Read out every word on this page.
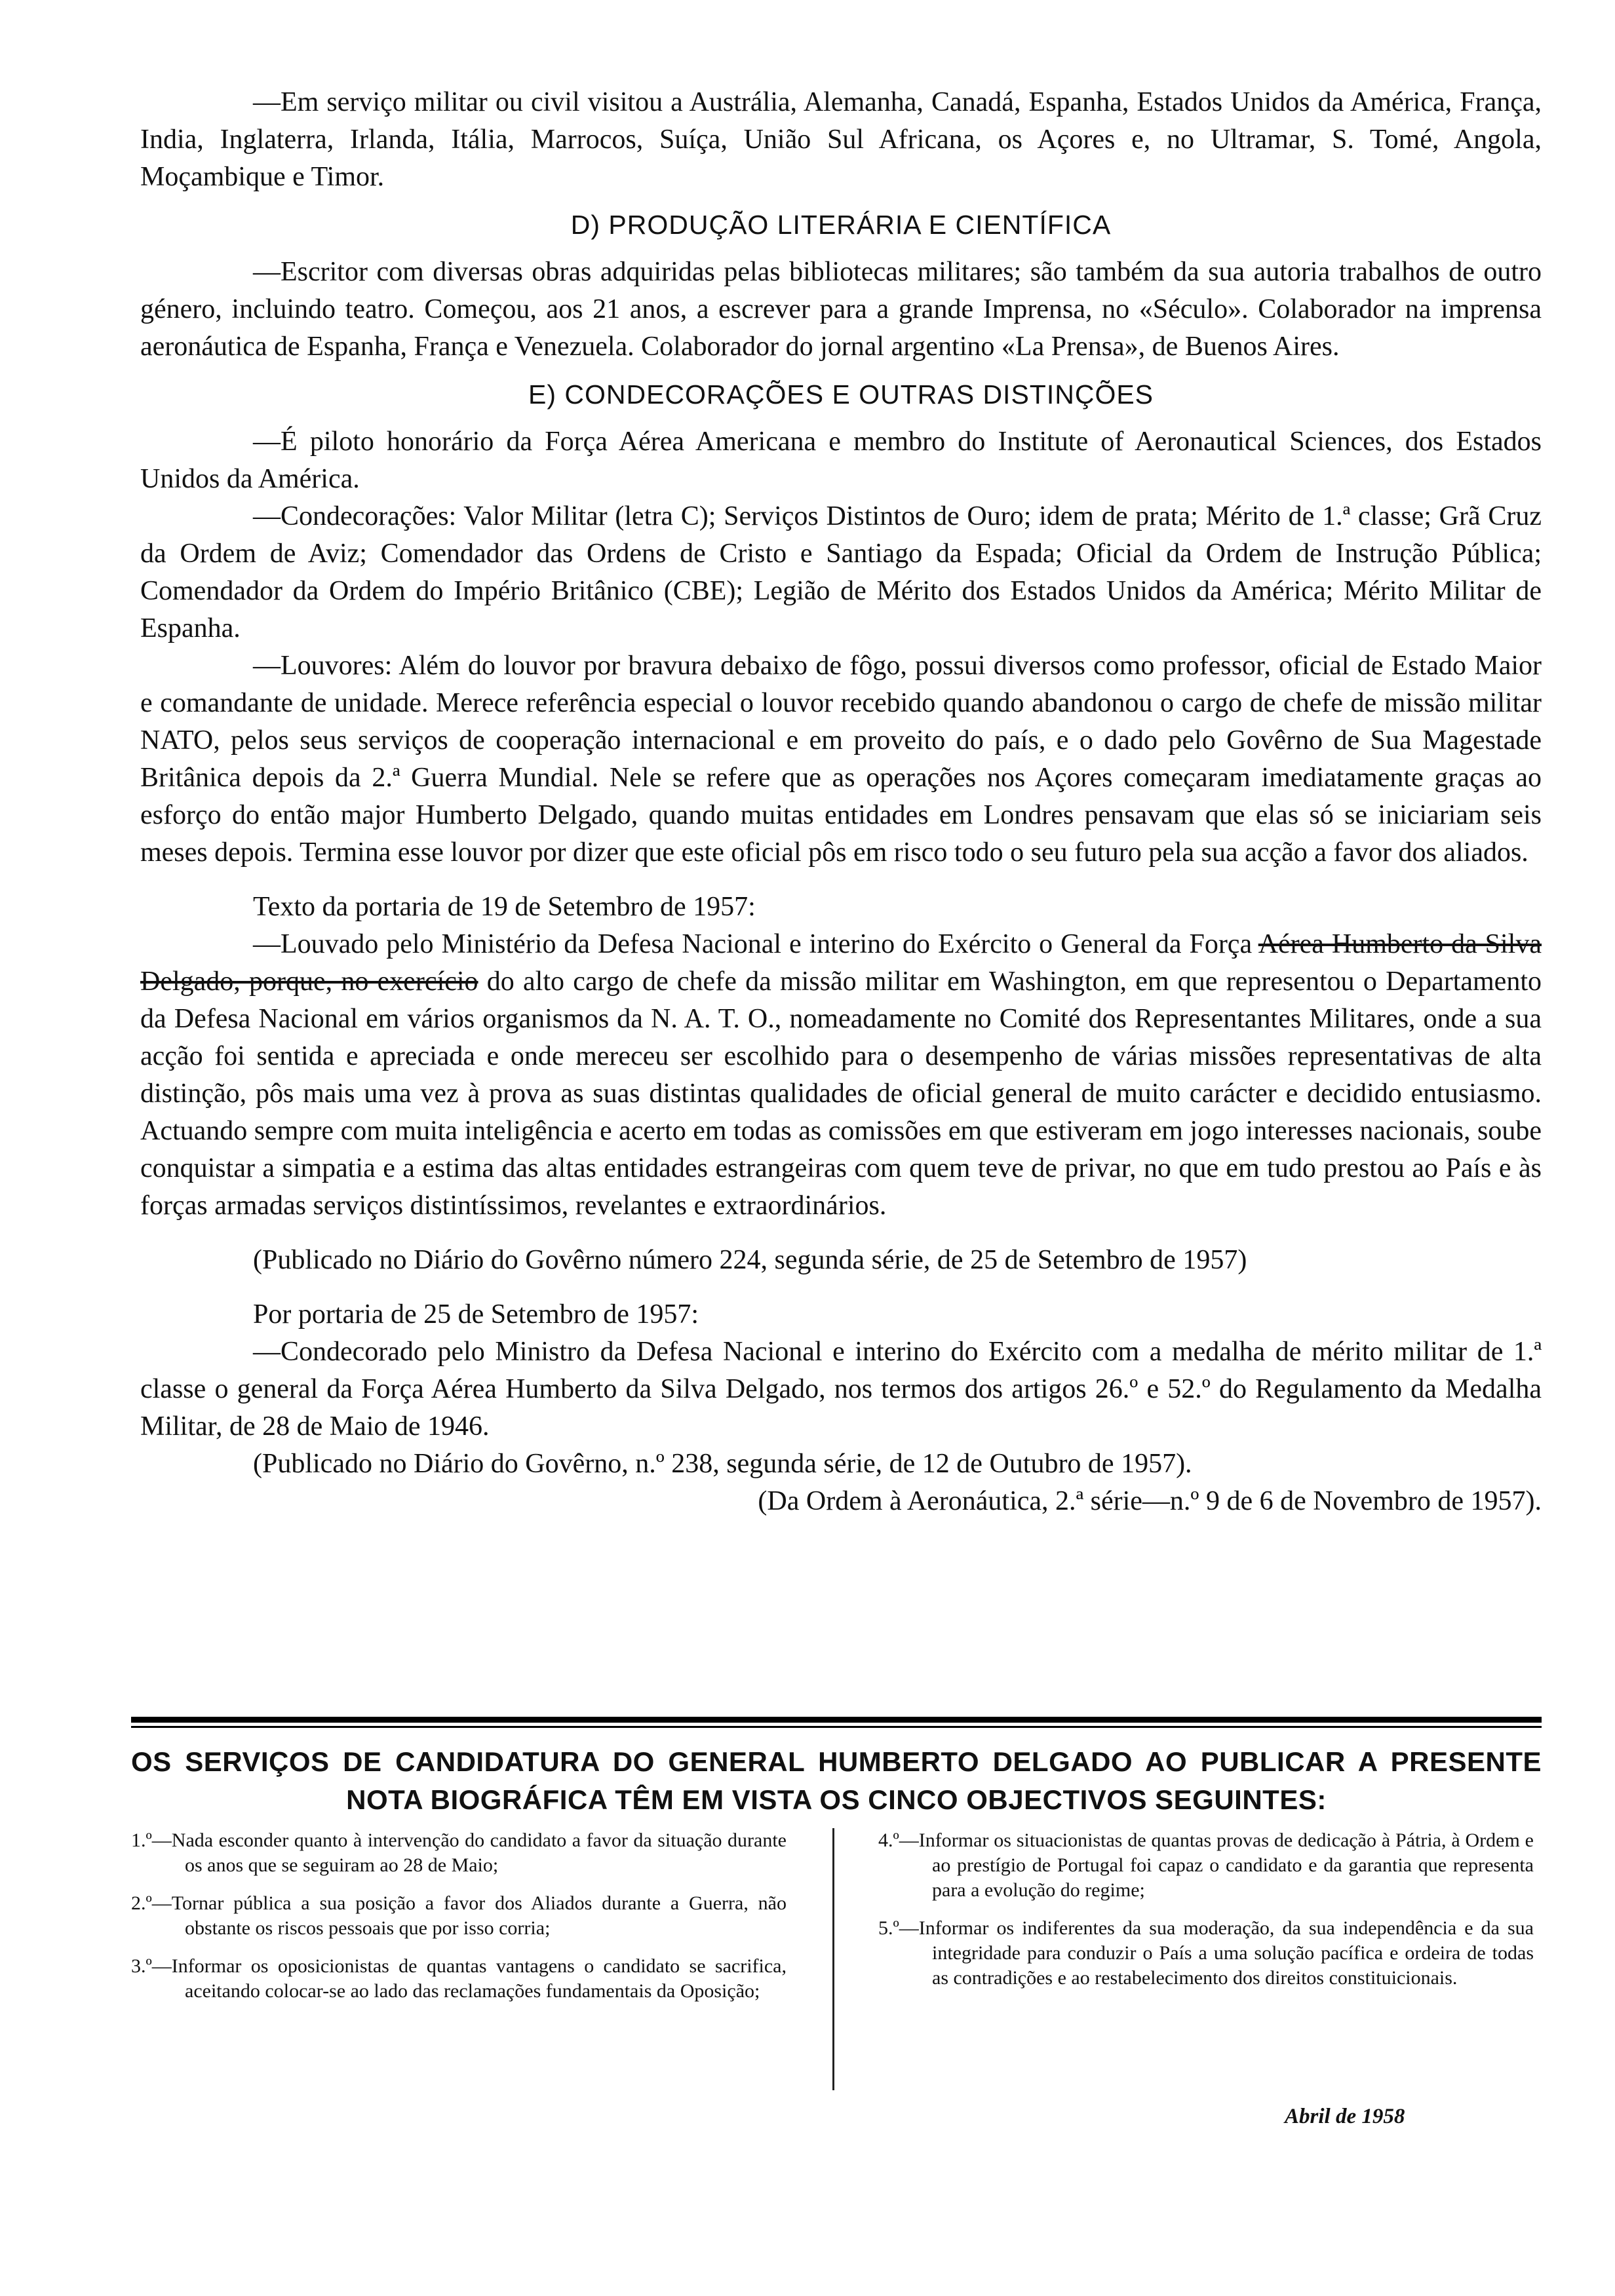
—Em serviço militar ou civil visitou a Austrália, Alemanha, Canadá, Espanha, Estados Unidos da América, França, India, Inglaterra, Irlanda, Itália, Marrocos, Suíça, União Sul Africana, os Açores e, no Ultramar, S. Tomé, Angola, Moçambique e Timor.

D) PRODUÇÃO LITERÁRIA E CIENTÍFICA

—Escritor com diversas obras adquiridas pelas bibliotecas militares; são também da sua autoria trabalhos de outro género, incluindo teatro. Começou, aos 21 anos, a escrever para a grande Imprensa, no «Século». Colaborador na imprensa aeronáutica de Espanha, França e Venezuela. Colaborador do jornal argentino «La Prensa», de Buenos Aires.

E) CONDECORAÇÕES E OUTRAS DISTINÇÕES

—É piloto honorário da Força Aérea Americana e membro do Institute of Aeronautical Sciences, dos Estados Unidos da América.

—Condecorações: Valor Militar (letra C); Serviços Distintos de Ouro; idem de prata; Mérito de 1.ª classe; Grã Cruz da Ordem de Aviz; Comendador das Ordens de Cristo e Santiago da Espada; Oficial da Ordem de Instrução Pública; Comendador da Ordem do Império Britânico (CBE); Legião de Mérito dos Estados Unidos da América; Mérito Militar de Espanha.

—Louvores: Além do louvor por bravura debaixo de fôgo, possui diversos como professor, oficial de Estado Maior e comandante de unidade. Merece referência especial o louvor recebido quando abandonou o cargo de chefe de missão militar NATO, pelos seus serviços de cooperação internacional e em proveito do país, e o dado pelo Govêrno de Sua Magestade Britânica depois da 2.ª Guerra Mundial. Nele se refere que as operações nos Açores começaram imediatamente graças ao esforço do então major Humberto Delgado, quando muitas entidades em Londres pensavam que elas só se iniciariam seis meses depois. Termina esse louvor por dizer que este oficial pôs em risco todo o seu futuro pela sua acção a favor dos aliados.

Texto da portaria de 19 de Setembro de 1957:

—Louvado pelo Ministério da Defesa Nacional e interino do Exército o General da Força Aérea Humberto da Silva Delgado, porque, no exercício do alto cargo de chefe da missão militar em Washington, em que representou o Departamento da Defesa Nacional em vários organismos da N. A. T. O., nomeadamente no Comité dos Representantes Militares, onde a sua acção foi sentida e apreciada e onde mereceu ser escolhido para o desempenho de várias missões representativas de alta distinção, pôs mais uma vez à prova as suas distintas qualidades de oficial general de muito carácter e decidido entusiasmo. Actuando sempre com muita inteligência e acerto em todas as comissões em que estiveram em jogo interesses nacionais, soube conquistar a simpatia e a estima das altas entidades estrangeiras com quem teve de privar, no que em tudo prestou ao País e às forças armadas serviços distintíssimos, revelantes e extraordinários.

(Publicado no Diário do Govêrno número 224, segunda série, de 25 de Setembro de 1957)

Por portaria de 25 de Setembro de 1957:

—Condecorado pelo Ministro da Defesa Nacional e interino do Exército com a medalha de mérito militar de 1.ª classe o general da Força Aérea Humberto da Silva Delgado, nos termos dos artigos 26.º e 52.º do Regulamento da Medalha Militar, de 28 de Maio de 1946.

(Publicado no Diário do Govêrno, n.º 238, segunda série, de 12 de Outubro de 1957).

(Da Ordem à Aeronáutica, 2.ª série—n.º 9 de 6 de Novembro de 1957).

OS SERVIÇOS DE CANDIDATURA DO GENERAL HUMBERTO DELGADO AO PUBLICAR A PRESENTE NOTA BIOGRÁFICA TÊM EM VISTA OS CINCO OBJECTIVOS SEGUINTES:

1.º—Nada esconder quanto à intervenção do candidato a favor da situação durante os anos que se seguiram ao 28 de Maio;

2.º—Tornar pública a sua posição a favor dos Aliados durante a Guerra, não obstante os riscos pessoais que por isso corria;

3.º—Informar os oposicionistas de quantas vantagens o candidato se sacrifica, aceitando colocar-se ao lado das reclamações fundamentais da Oposição;

4.º—Informar os situacionistas de quantas provas de dedicação à Pátria, à Ordem e ao prestígio de Portugal foi capaz o candidato e da garantia que representa para a evolução do regime;

5.º—Informar os indiferentes da sua moderação, da sua independência e da sua integridade para conduzir o País a uma solução pacífica e ordeira de todas as contradições e ao restabelecimento dos direitos constituicionais.

Abril de 1958
